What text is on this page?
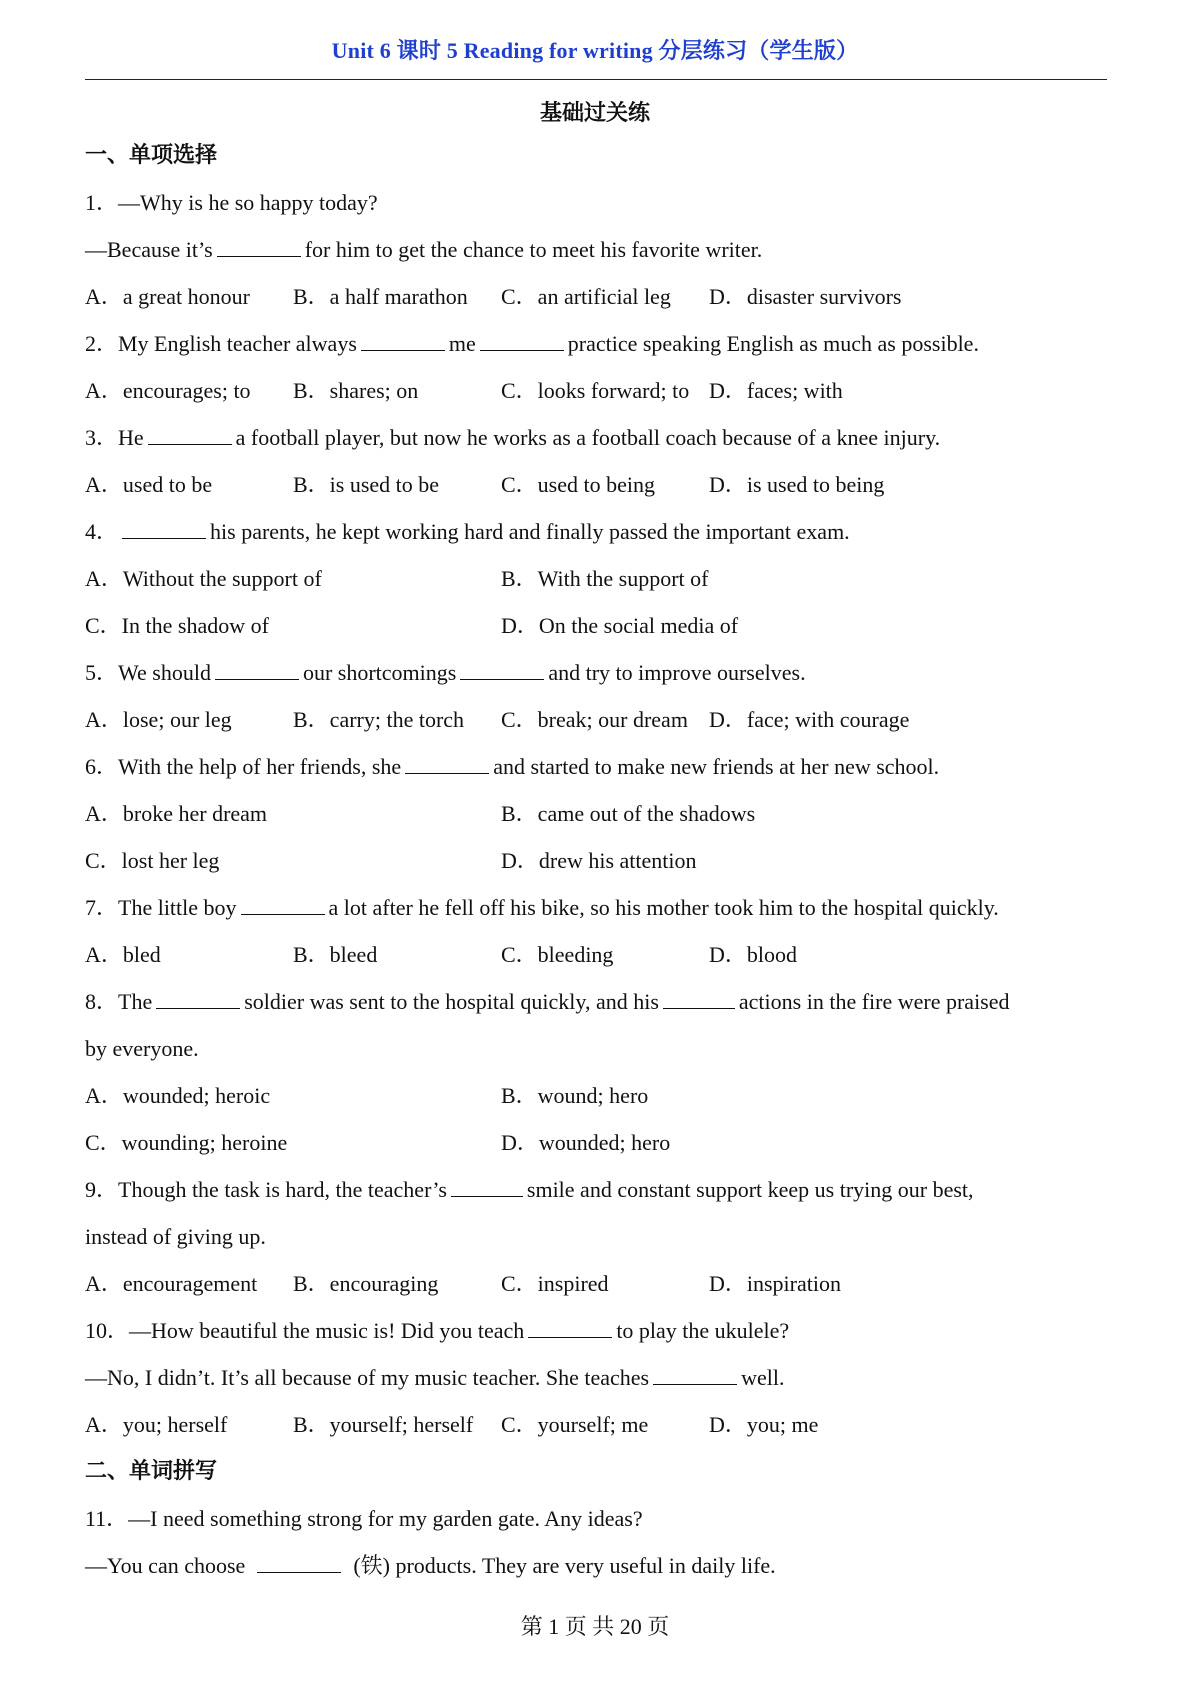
Unit 6 课时 5 Reading for writing 分层练习（学生版）
基础过关练
一、单项选择
1．—Why is he so happy today?
—Because it’s	for him to get the chance to meet his favorite writer.
A．a great honour	B．a half marathon	C．an artificial leg	D．disaster survivors
2．My English teacher always	me	practice speaking English as much as possible.
A．encourages; to	B．shares; on	C．looks forward; to D．faces; with
3．He	a football player, but now he works as a football coach because of a knee injury.
A．used to be	B．is used to be	C．used to being	D．is used to being
4．	his parents, he kept working hard and finally passed the important exam.
A．Without the support of	B．With the support of
C．In the shadow of	D．On the social media of
5．We should	our shortcomings	and try to improve ourselves.
A．lose; our leg	B．carry; the torch	C．break; our dream D．face; with courage
6．With the help of her friends, she	and started to make new friends at her new school.
A．broke her dream	B．came out of the shadows
C．lost her leg	D．drew his attention
7．The little boy	a lot after he fell off his bike, so his mother took him to the hospital quickly.
A．bled	B．bleed	C．bleeding	D．blood
8．The	soldier was sent to the hospital quickly, and his	actions in the fire were praised
by everyone.
A．wounded; heroic	B．wound; hero
C．wounding; heroine	D．wounded; hero
9．Though the task is hard, the teacher’s	smile and constant support keep us trying our best,
instead of giving up.
A．encouragement	B．encouraging	C．inspired	D．inspiration
10．—How beautiful the music is! Did you teach	to play the ukulele?
—No, I didn’t. It’s all because of my music teacher. She teaches	well.
A．you; herself	B．yourself; herself	C．yourself; me	D．you; me
二、单词拼写
11．—I need something strong for my garden gate. Any ideas?
—You can choose	(铁) products. They are very useful in daily life.
第 1 页 共 20 页
